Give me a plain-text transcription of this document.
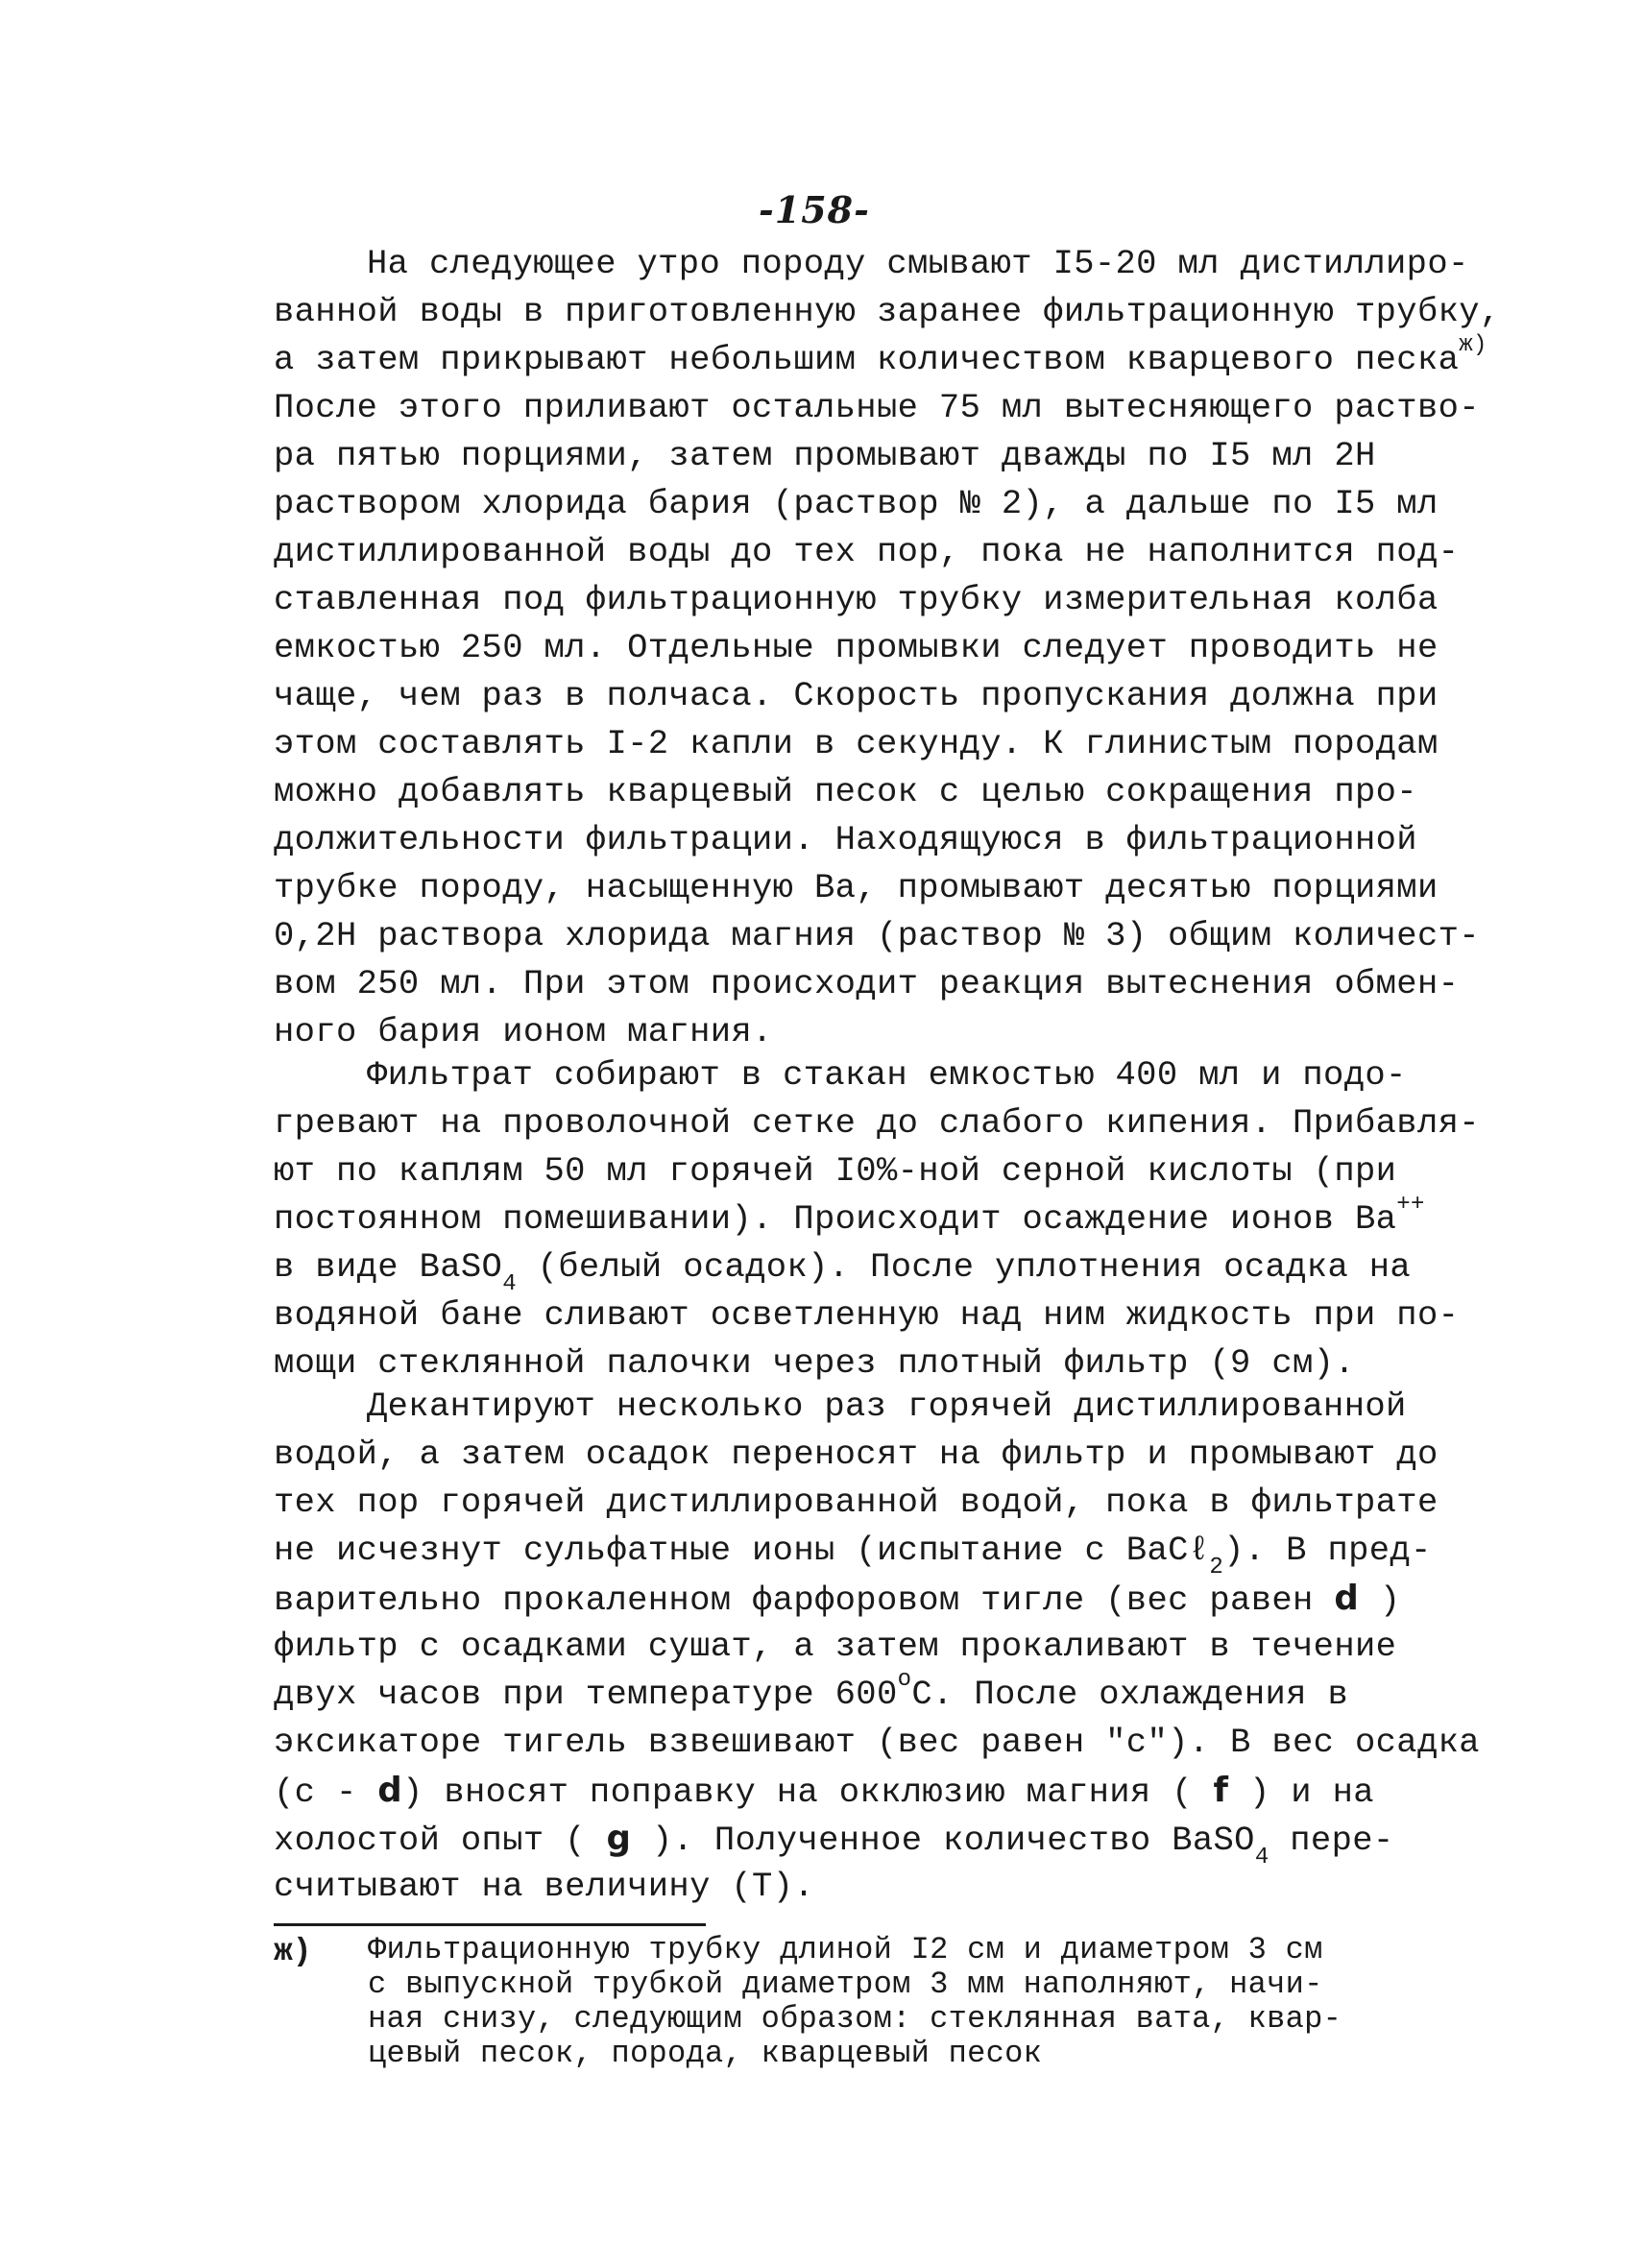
-158-
На следующее утро породу смывают I5-20 мл дистиллиро-
ванной воды в приготовленную заранее фильтрационную трубку,
а затем прикрывают небольшим количеством кварцевого песка$^{ж)}$
После этого приливают остальные 75 мл вытесняющего раство-
ра пятью порциями, затем промывают дважды по I5 мл 2Н
раствором хлорида бария (раствор № 2), а дальше по I5 мл
дистиллированной воды до тех пор, пока не наполнится под-
ставленная под фильтрационную трубку измерительная колба
емкостью 250 мл. Отдельные промывки следует проводить не
чаще, чем раз в полчаса. Скорость пропускания должна при
этом составлять I-2 капли в секунду. К глинистым породам
можно добавлять кварцевый песок с целью сокращения про-
должительности фильтрации. Находящуюся в фильтрационной
трубке породу, насыщенную Ва, промывают десятью порциями
0,2Н раствора хлорида магния (раствор № 3) общим количест-
вом 250 мл. При этом происходит реакция вытеснения обмен-
ного бария ионом магния.
Фильтрат собирают в стакан емкостью 400 мл и подо-
гревают на проволочной сетке до слабого кипения. Прибавля-
ют по каплям 50 мл горячей I0%-ной серной кислоты (при
постоянном помешивании). Происходит осаждение ионов Ва++
в виде BaSO$_4$ (белый осадок). После уплотнения осадка на
водяной бане сливают осветленную над ним жидкость при по-
мощи стеклянной палочки через плотный фильтр (9 см).
Декантируют несколько раз горячей дистиллированной
водой, а затем осадок переносят на фильтр и промывают до
тех пор горячей дистиллированной водой, пока в фильтрате
не исчезнут сульфатные ионы (испытание с BaCℓ$_2$). В пред-
варительно прокаленном фарфоровом тигле (вес равен d )
фильтр с осадками сушат, а затем прокаливают в течение
двух часов при температуре 600$^o$С. После охлаждения в
эксикаторе тигель взвешивают (вес равен "с"). В вес осадка
(с - d) вносят поправку на окклюзию магния ( f ) и на
холостой опыт ( g ). Полученное количество BaSO$_4$ пере-
считывают на величину (Т).
ж) Фильтрационную трубку длиной I2 см и диаметром 3 см
с выпускной трубкой диаметром 3 мм наполняют, начи-
ная снизу, следующим образом: стеклянная вата, квар-
цевый песок, порода, кварцевый песок
